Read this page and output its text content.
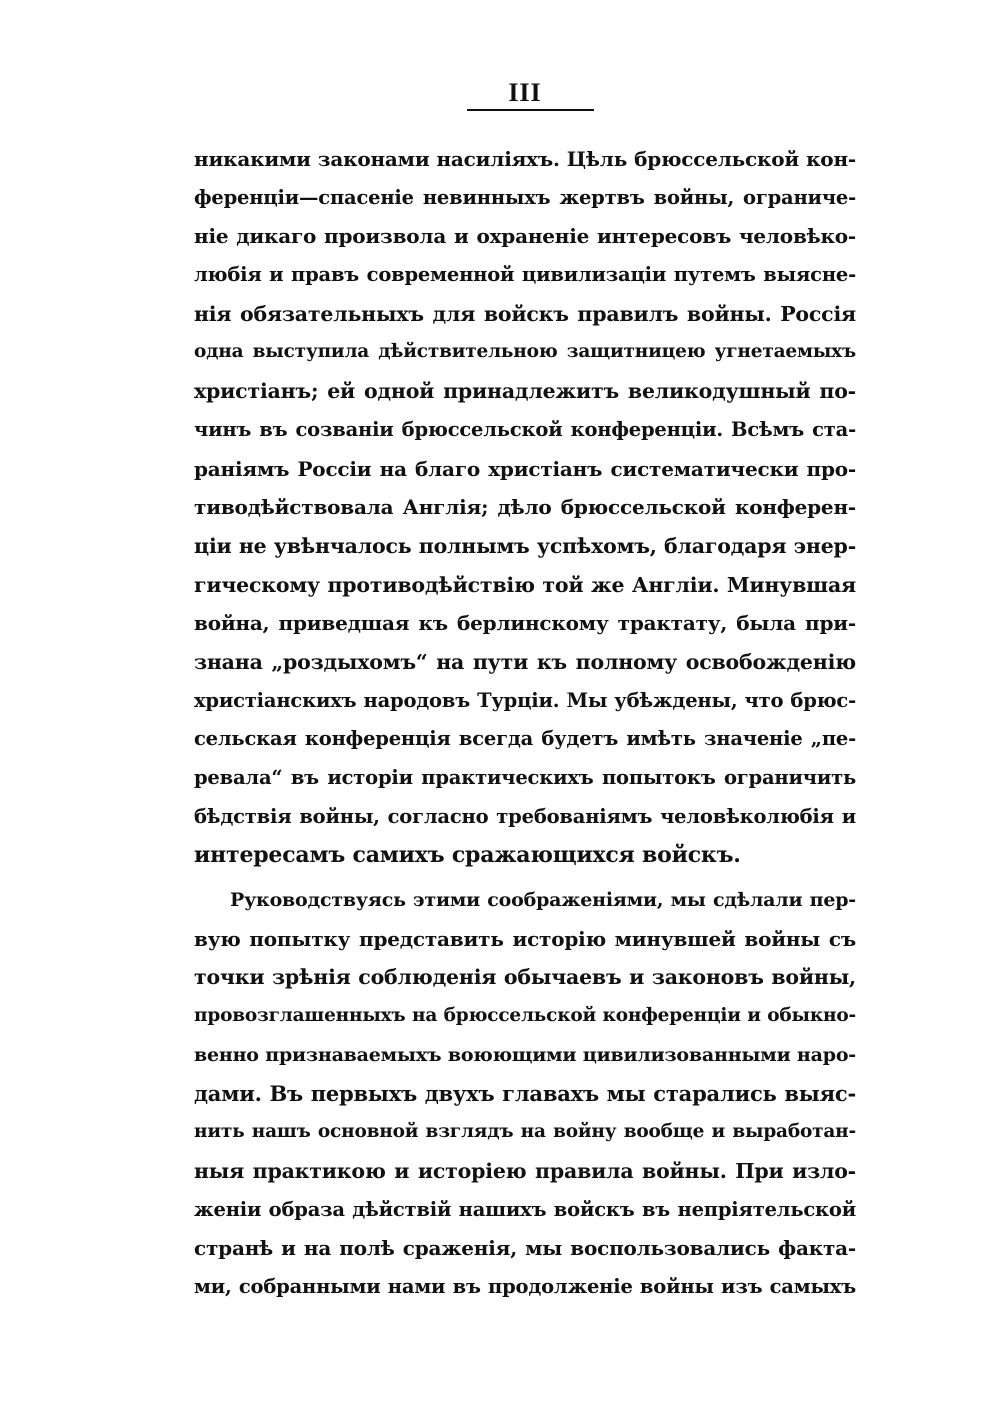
III
никакими законами насилiяхъ. Цѣль брюссельской кон-
ференцiи—спасенiе невинныхъ жертвъ войны, ограниче-
нiе дикаго произвола и охраненiе интересовъ человѣко-
любiя и правъ современной цивилизацiи путемъ выясне-
нiя обязательныхъ для войскъ правилъ войны. Россiя
одна выступила дѣйствительною защитницею угнетаемыхъ
христiанъ; ей одной принадлежитъ великодушный по-
чинъ въ созванiи брюссельской конференцiи. Всѣмъ ста-
ранiямъ Россiи на благо христiанъ систематически про-
тиводѣйствовала Англiя; дѣло брюссельской конферен-
цiи не увѣнчалось полнымъ успѣхомъ, благодаря энер-
гическому противодѣйствiю той же Англiи. Минувшая
война, приведшая къ берлинскому трактату, была при-
знана „роздыхомъ“ на пути къ полному освобожденiю
христiанскихъ народовъ Турцiи. Мы убѣждены, что брюс-
сельская конференцiя всегда будетъ имѣть значенiе „пе-
ревала“ въ исторiи практическихъ попытокъ ограничить
бѣдствiя войны, согласно требованiямъ человѣколюбiя и
интересамъ самихъ сражающихся войскъ.
Руководствуясь этими соображенiями, мы сдѣлали пер-
вую попытку представить исторiю минувшей войны съ
точки зрѣнiя соблюденiя обычаевъ и законовъ войны,
провозглашенныхъ на брюссельской конференцiи и обыкно-
венно признаваемыхъ воюющими цивилизованными наро-
дами. Въ первыхъ двухъ главахъ мы старались выяс-
нить нашъ основной взглядъ на войну вообще и выработан-
ныя практикою и исторiею правила войны. При изло-
женiи образа дѣйствiй нашихъ войскъ въ непрiятельской
странѣ и на полѣ сраженiя, мы воспользовались факта-
ми, собранными нами въ продолженiе войны изъ самыхъ
